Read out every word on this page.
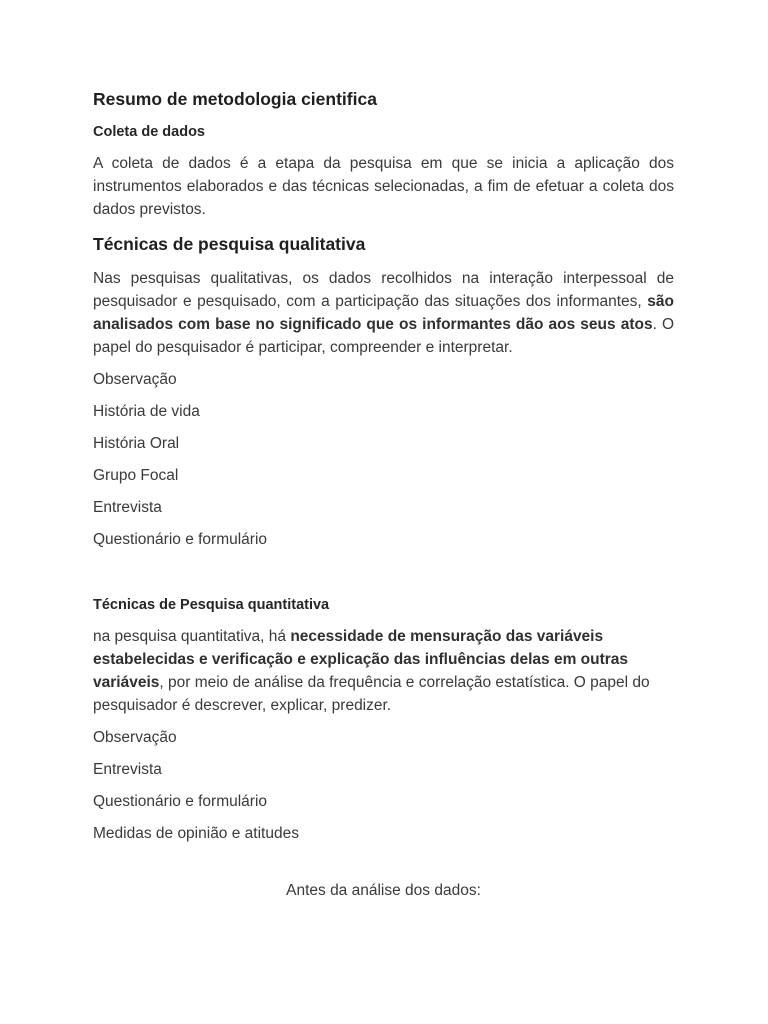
Resumo de metodologia cientifica
Coleta de dados

A coleta de dados é a etapa da pesquisa em que se inicia a aplicação dos instrumentos elaborados e das técnicas selecionadas, a fim de efetuar a coleta dos dados previstos.

Técnicas de pesquisa qualitativa

Nas pesquisas qualitativas, os dados recolhidos na interação interpessoal de pesquisador e pesquisado, com a participação das situações dos informantes, são analisados com base no significado que os informantes dão aos seus atos. O papel do pesquisador é participar, compreender e interpretar.

Observação
História de vida
História Oral
Grupo Focal
Entrevista
Questionário e formulário
Técnicas de Pesquisa quantitativa

na pesquisa quantitativa, há necessidade de mensuração das variáveis estabelecidas e verificação e explicação das influências delas em outras variáveis, por meio de análise da frequência e correlação estatística. O papel do pesquisador é descrever, explicar, predizer.

Observação
Entrevista
Questionário e formulário
Medidas de opinião e atitudes

Antes da análise dos dados:
